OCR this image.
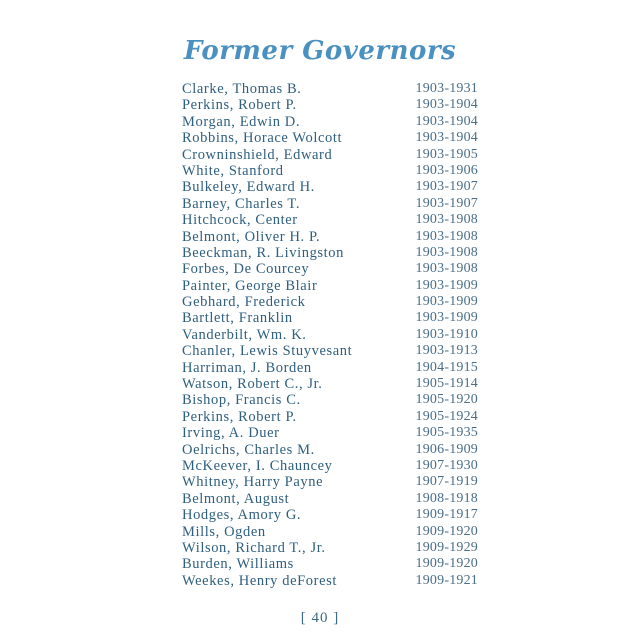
Former Governors
Clarke, Thomas B.	1903-1931
Perkins, Robert P.	1903-1904
Morgan, Edwin D.	1903-1904
Robbins, Horace Wolcott	1903-1904
Crowninshield, Edward	1903-1905
White, Stanford	1903-1906
Bulkeley, Edward H.	1903-1907
Barney, Charles T.	1903-1907
Hitchcock, Center	1903-1908
Belmont, Oliver H. P.	1903-1908
Beeckman, R. Livingston	1903-1908
Forbes, De Courcey	1903-1908
Painter, George Blair	1903-1909
Gebhard, Frederick	1903-1909
Bartlett, Franklin	1903-1909
Vanderbilt, Wm. K.	1903-1910
Chanler, Lewis Stuyvesant	1903-1913
Harriman, J. Borden	1904-1915
Watson, Robert C., Jr.	1905-1914
Bishop, Francis C.	1905-1920
Perkins, Robert P.	1905-1924
Irving, A. Duer	1905-1935
Oelrichs, Charles M.	1906-1909
McKeever, I. Chauncey	1907-1930
Whitney, Harry Payne	1907-1919
Belmont, August	1908-1918
Hodges, Amory G.	1909-1917
Mills, Ogden	1909-1920
Wilson, Richard T., Jr.	1909-1929
Burden, Williams	1909-1920
Weekes, Henry deForest	1909-1921
[ 40 ]
